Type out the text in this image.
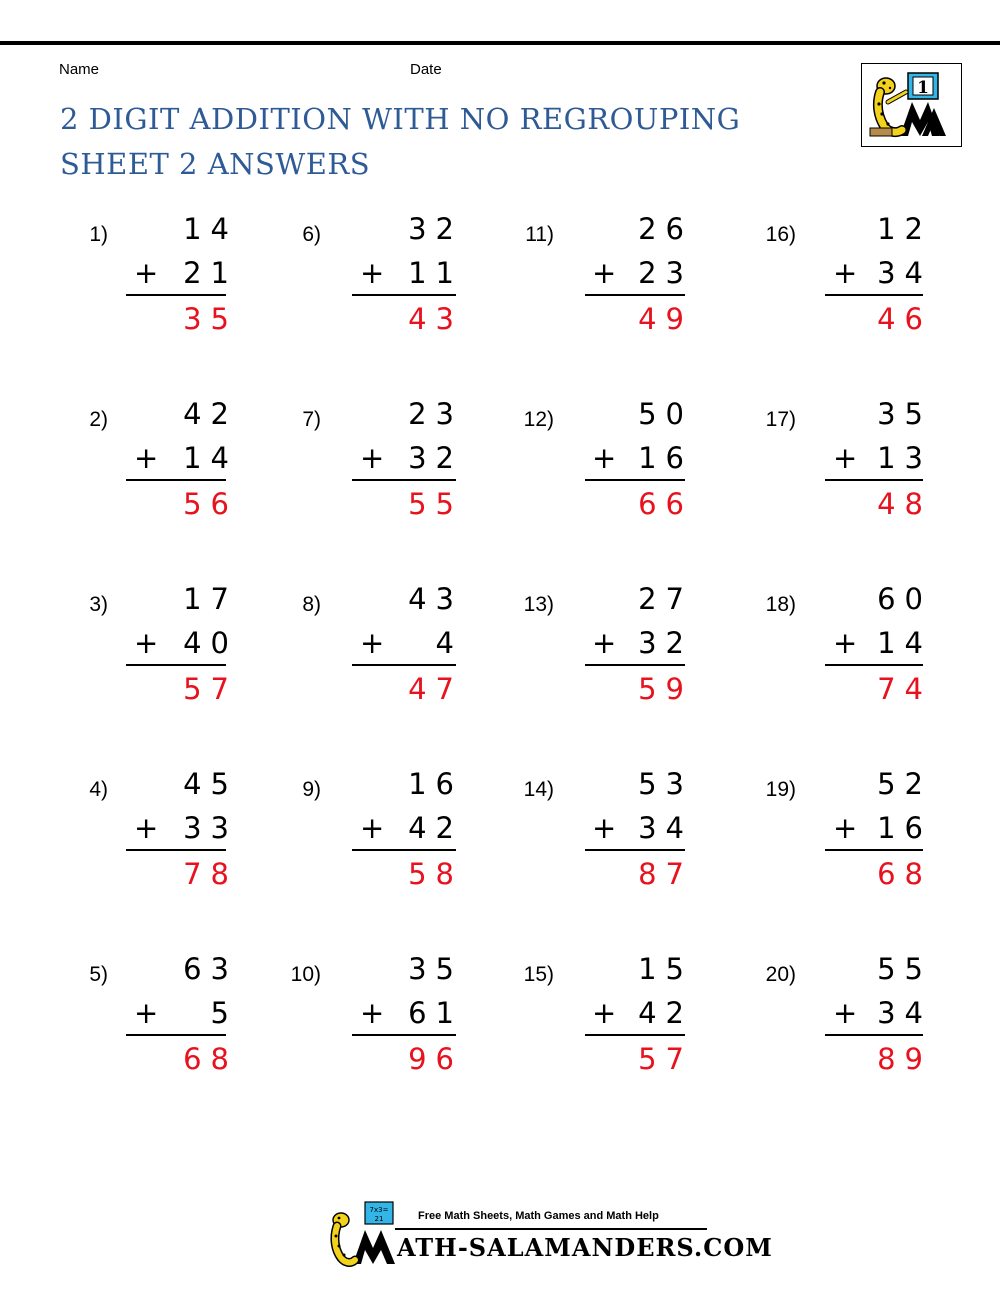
Name	Date
2 DIGIT ADDITION WITH NO REGROUPING
SHEET 2 ANSWERS
1
1)	14
+ 21
35
2)	42
+ 14
56
3)	17
+ 40
57
4)	45
+ 33
78
5)	63
+ 5
68
6)	32
+ 11
43
7)	23
+ 32
55
8)	43
+ 4
47
9)	16
+ 42
58
10)	35
+ 61
96
11)	26
+ 23
49
12)	50
+ 16
66
13)	27
+ 32
59
14)	53
+ 34
87
15)	15
+ 42
57
16)	12
+ 34
46
17)	35
+ 13
48
18)	60
+ 14
74
19)	52
+ 16
68
20)	55
+ 34
89
7x3=
21	Free Math Sheets, Math Games and Math Help
ATH-SALAMANDERS.COM
